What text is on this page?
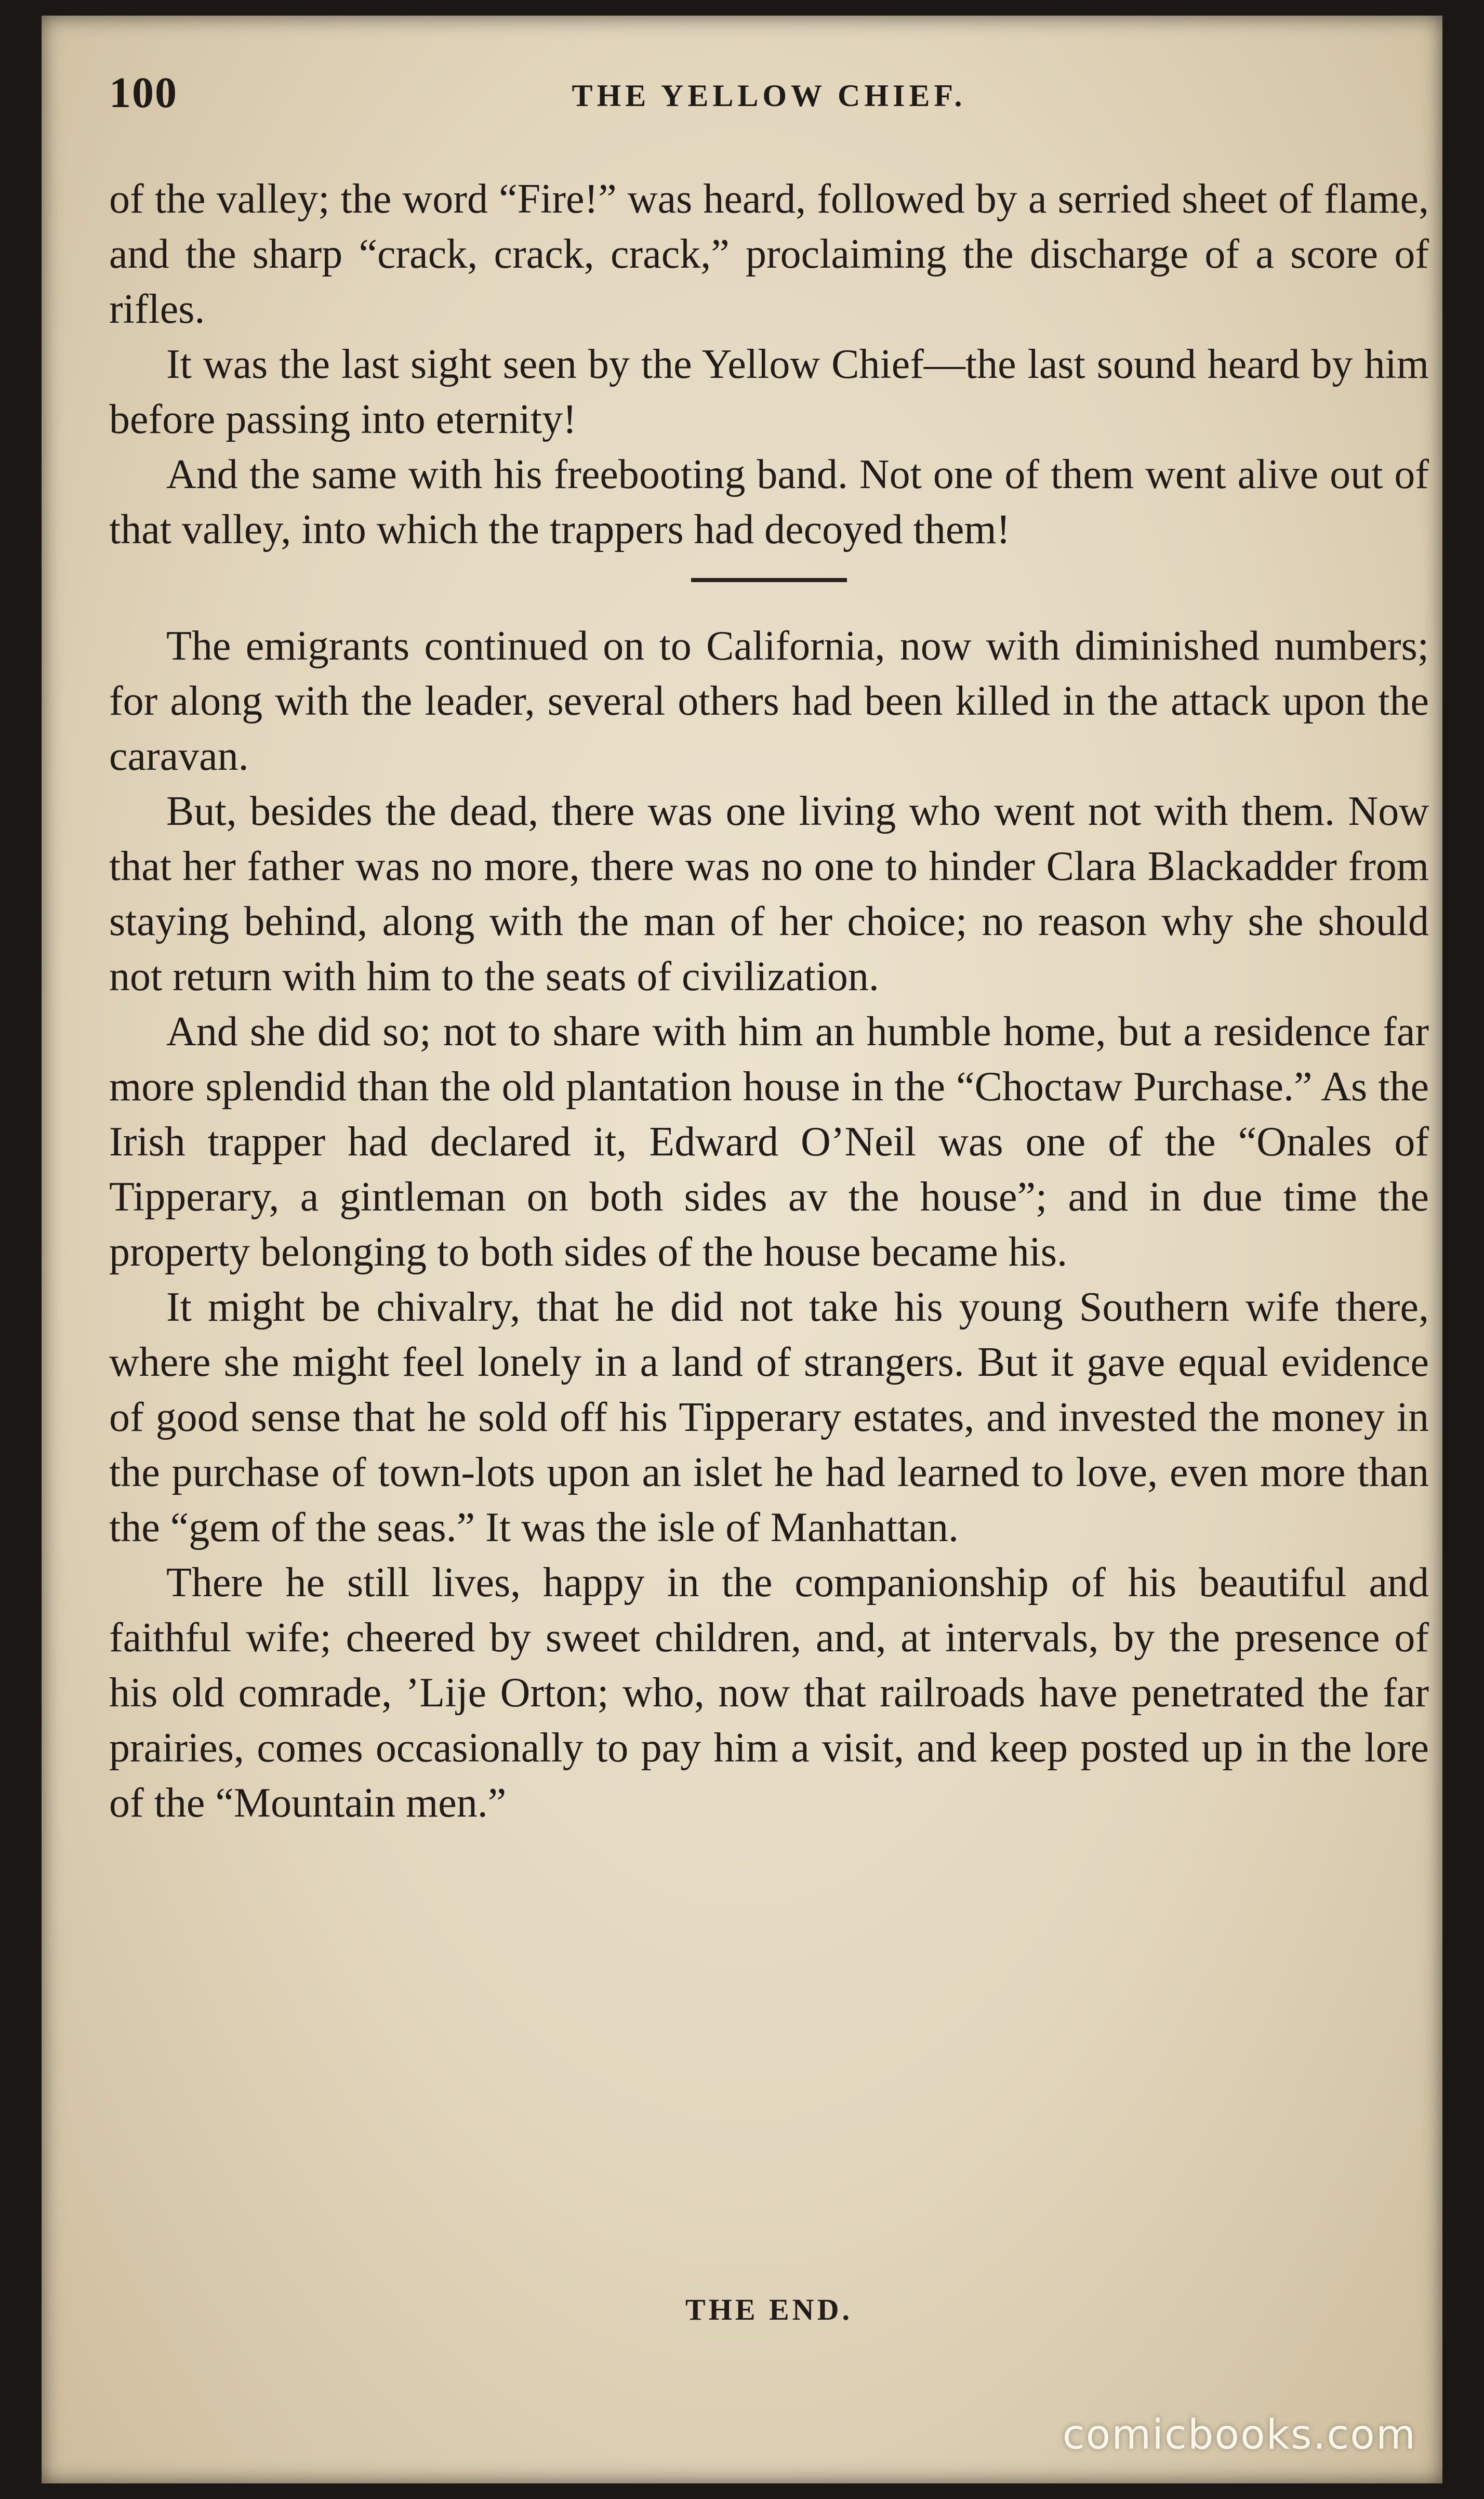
100	THE YELLOW CHIEF.

of the valley; the word “Fire!” was heard, followed by a serried sheet of flame, and the sharp “crack, crack, crack,” proclaiming the discharge of a score of rifles.

It was the last sight seen by the Yellow Chief—the last sound heard by him before passing into eternity!

And the same with his freebooting band. Not one of them went alive out of that valley, into which the trappers had decoyed them!

The emigrants continued on to California, now with diminished numbers; for along with the leader, several others had been killed in the attack upon the caravan.

But, besides the dead, there was one living who went not with them. Now that her father was no more, there was no one to hinder Clara Blackadder from staying behind, along with the man of her choice; no reason why she should not return with him to the seats of civilization.

And she did so; not to share with him an humble home, but a residence far more splendid than the old plantation house in the “Choctaw Purchase.” As the Irish trapper had declared it, Edward O’Neil was one of the “Onales of Tipperary, a gintleman on both sides av the house”; and in due time the property belonging to both sides of the house became his.

It might be chivalry, that he did not take his young Southern wife there, where she might feel lonely in a land of strangers. But it gave equal evidence of good sense that he sold off his Tipperary estates, and invested the money in the purchase of town-lots upon an islet he had learned to love, even more than the “gem of the seas.” It was the isle of Manhattan.

There he still lives, happy in the companionship of his beautiful and faithful wife; cheered by sweet children, and, at intervals, by the presence of his old comrade, ’Lije Orton; who, now that railroads have penetrated the far prairies, comes occasionally to pay him a visit, and keep posted up in the lore of the “Mountain men.”

THE END.
comicbooks.com
